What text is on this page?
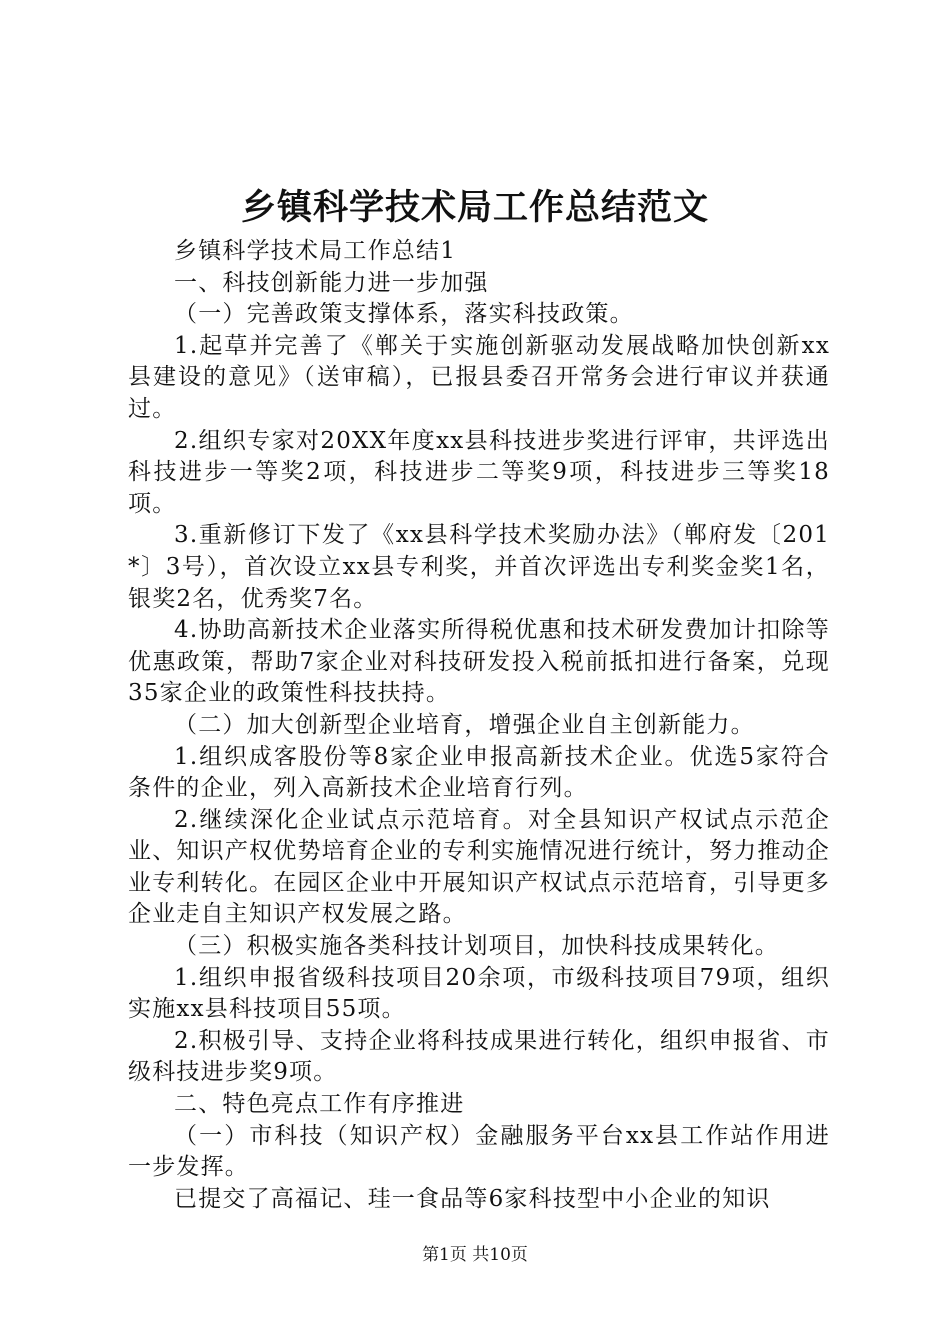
乡镇科学技术局工作总结范文

乡镇科学技术局工作总结1

一、科技创新能力进一步加强

（一）完善政策支撑体系，落实科技政策。

1.起草并完善了《郸关于实施创新驱动发展战略加快创新xx县建设的意见》（送审稿），已报县委召开常务会进行审议并获通过。

2.组织专家对20XX年度xx县科技进步奖进行评审，共评选出科技进步一等奖2项，科技进步二等奖9项，科技进步三等奖18项。

3.重新修订下发了《xx县科学技术奖励办法》（郸府发〔201*〕3号），首次设立xx县专利奖，并首次评选出专利奖金奖1名，银奖2名，优秀奖7名。

4.协助高新技术企业落实所得税优惠和技术研发费加计扣除等优惠政策，帮助7家企业对科技研发投入税前抵扣进行备案，兑现35家企业的政策性科技扶持。

（二）加大创新型企业培育，增强企业自主创新能力。

1.组织成客股份等8家企业申报高新技术企业。优选5家符合条件的企业，列入高新技术企业培育行列。

2.继续深化企业试点示范培育。对全县知识产权试点示范企业、知识产权优势培育企业的专利实施情况进行统计，努力推动企业专利转化。在园区企业中开展知识产权试点示范培育，引导更多企业走自主知识产权发展之路。

（三）积极实施各类科技计划项目，加快科技成果转化。

1.组织申报省级科技项目20余项，市级科技项目79项，组织实施xx县科技项目55项。

2.积极引导、支持企业将科技成果进行转化，组织申报省、市级科技进步奖9项。

二、特色亮点工作有序推进

（一）市科技（知识产权）金融服务平台xx县工作站作用进一步发挥。

已提交了高福记、珪一食品等6家科技型中小企业的知识

第1页 共10页
